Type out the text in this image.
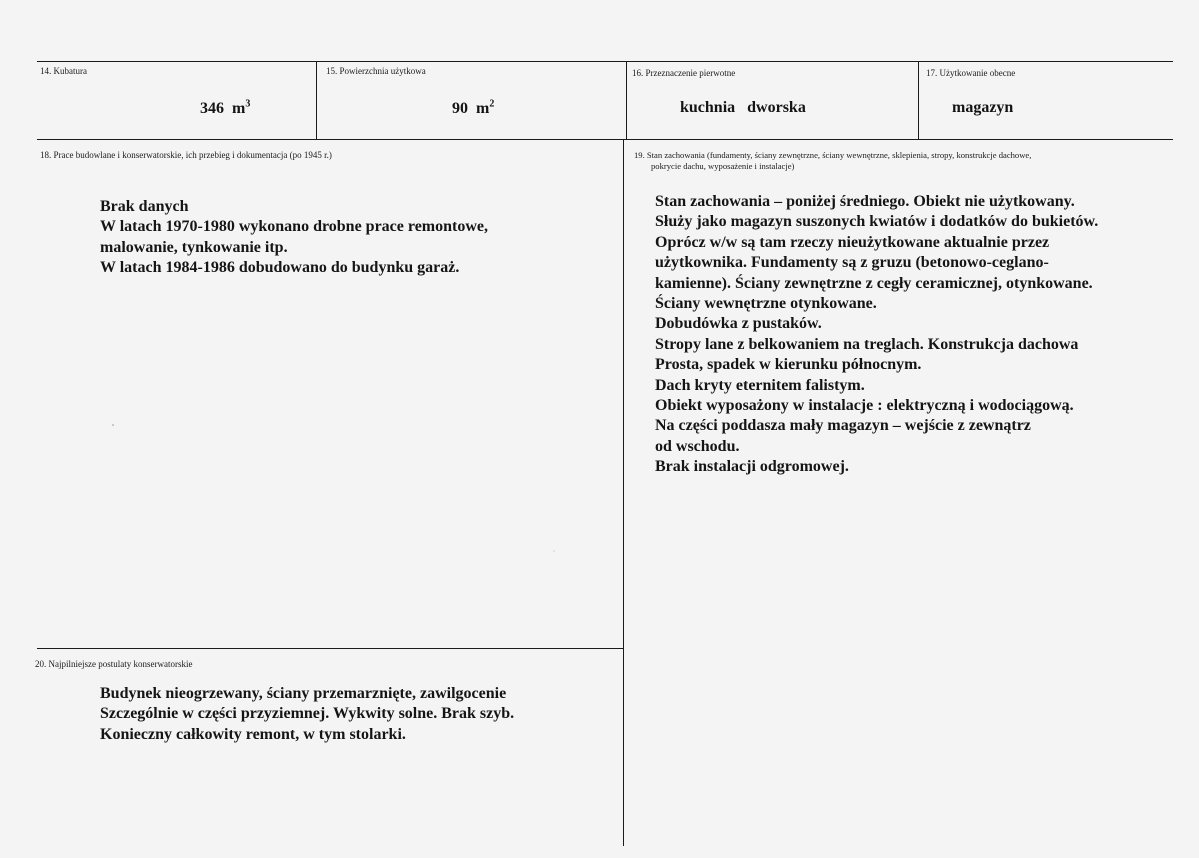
14. Kubatura
346 $m^3$
15. Powierzchnia użytkowa
90 $m^2$
16. Przeznaczenie pierwotne
kuchnia   dworska
17. Użytkowanie obecne
magazyn
18. Prace budowlane i konserwatorskie, ich przebieg i dokumentacja (po 1945 r.)
Brak danych
W latach 1970-1980 wykonano drobne prace remontowe,
malowanie, tynkowanie itp.
W latach 1984-1986 dobudowano do budynku garaż.
19. Stan zachowania (fundamenty, ściany zewnętrzne, ściany wewnętrzne, sklepienia, stropy, konstrukcje dachowe,
pokrycie dachu, wyposażenie i instalacje)
Stan zachowania – poniżej średniego. Obiekt nie użytkowany.
Służy jako magazyn suszonych kwiatów i dodatków do bukietów.
Oprócz w/w są tam rzeczy nieużytkowane aktualnie przez
użytkownika. Fundamenty są z gruzu (betonowo-ceglano-
kamienne). Ściany zewnętrzne z cegły ceramicznej, otynkowane.
Ściany wewnętrzne otynkowane.
Dobudówka z pustaków.
Stropy lane z belkowaniem na treglach. Konstrukcja dachowa
Prosta, spadek w kierunku północnym.
Dach kryty eternitem falistym.
Obiekt wyposażony w instalacje : elektryczną i wodociągową.
Na części poddasza mały magazyn – wejście z zewnątrz
od wschodu.
Brak instalacji odgromowej.
20. Najpilniejsze postulaty konserwatorskie
Budynek nieogrzewany, ściany przemarznięte, zawilgocenie
Szczególnie w części przyziemnej. Wykwity solne. Brak szyb.
Konieczny całkowity remont, w tym stolarki.
